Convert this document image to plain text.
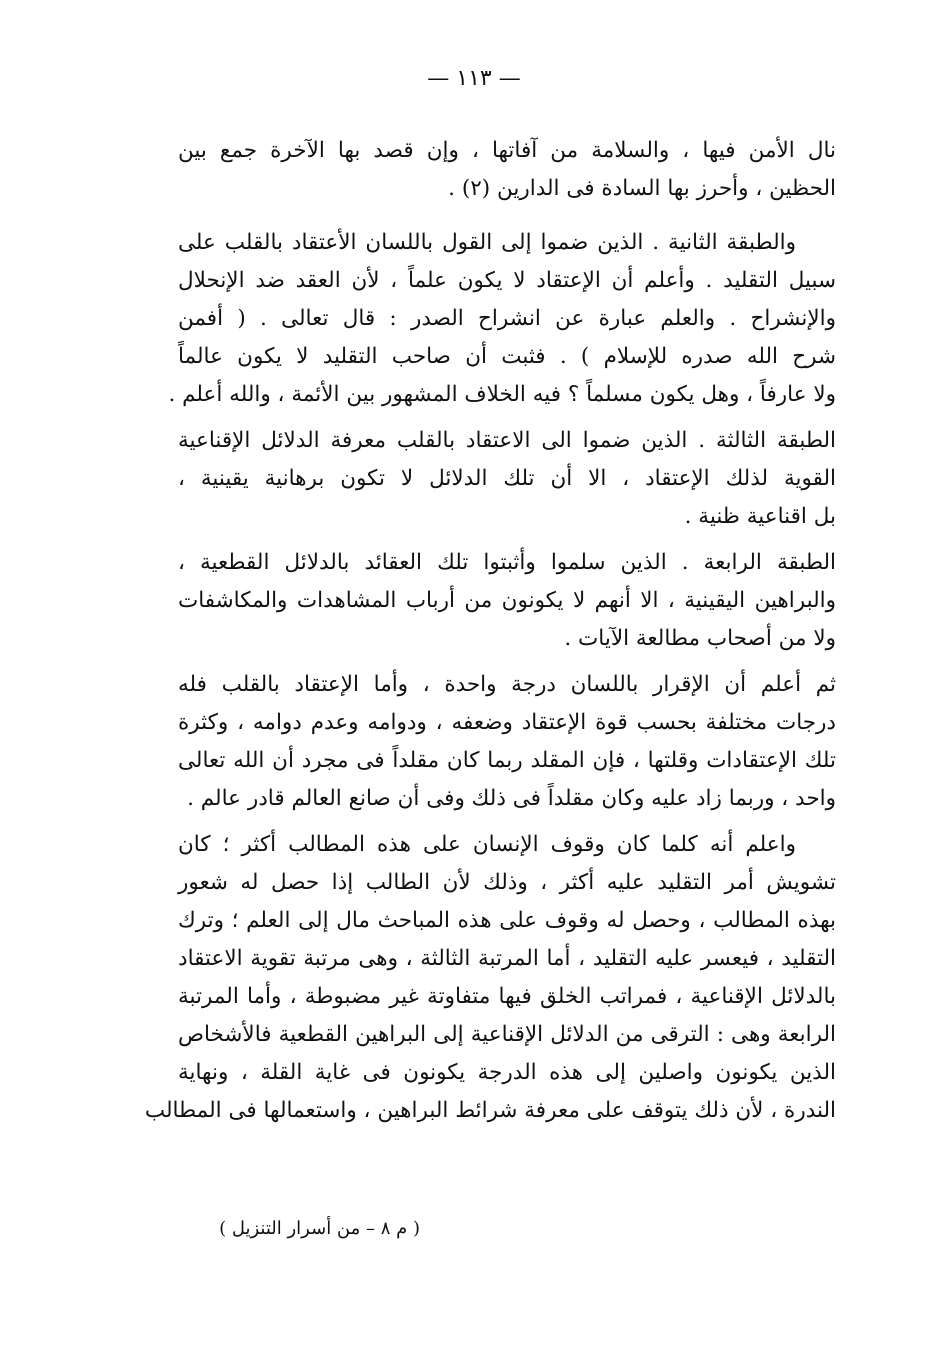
— ١١٣ —

نال الأمن فيها ، والسلامة من آفاتها ، وإن قصد بها الآخرة جمع بين
الحظين ، وأحرز بها السادة فى الدارين (٢) .

والطبقة الثانية . الذين ضموا إلى القول باللسان الأعتقاد بالقلب على
سبيل التقليد . وأعلم أن الإعتقاد لا يكون علماً ، لأن العقد ضد الإنحلال
والإنشراح . والعلم عبارة عن انشراح الصدر : قال تعالى . ( أفمن
شرح الله صدره للإسلام ) . فثبت أن صاحب التقليد لا يكون عالماً
ولا عارفاً ، وهل يكون مسلماً ؟ فيه الخلاف المشهور بين الأئمة ، والله أعلم .

الطبقة الثالثة . الذين ضموا الى الاعتقاد بالقلب معرفة الدلائل الإقناعية
القوية لذلك الإعتقاد ، الا أن تلك الدلائل لا تكون برهانية يقينية ،
بل اقناعية ظنية .

الطبقة الرابعة . الذين سلموا وأثبتوا تلك العقائد بالدلائل القطعية ،
والبراهين اليقينية ، الا أنهم لا يكونون من أرباب المشاهدات والمكاشفات
ولا من أصحاب مطالعة الآيات .

ثم أعلم أن الإقرار باللسان درجة واحدة ، وأما الإعتقاد بالقلب فله
درجات مختلفة بحسب قوة الإعتقاد وضعفه ، ودوامه وعدم دوامه ، وكثرة
تلك الإعتقادات وقلتها ، فإن المقلد ربما كان مقلداً فى مجرد أن الله تعالى
واحد ، وربما زاد عليه وكان مقلداً فى ذلك وفى أن صانع العالم قادر عالم .

واعلم أنه كلما كان وقوف الإنسان على هذه المطالب أكثر ؛ كان
تشويش أمر التقليد عليه أكثر ، وذلك لأن الطالب إذا حصل له شعور
بهذه المطالب ، وحصل له وقوف على هذه المباحث مال إلى العلم ؛ وترك
التقليد ، فيعسر عليه التقليد ، أما المرتبة الثالثة ، وهى مرتبة تقوية الاعتقاد
بالدلائل الإقناعية ، فمراتب الخلق فيها متفاوتة غير مضبوطة ، وأما المرتبة
الرابعة وهى : الترقى من الدلائل الإقناعية إلى البراهين القطعية فالأشخاص
الذين يكونون واصلين إلى هذه الدرجة يكونون فى غاية القلة ، ونهاية
الندرة ، لأن ذلك يتوقف على معرفة شرائط البراهين ، واستعمالها فى المطالب

( م ٨ – من أسرار التنزيل )
